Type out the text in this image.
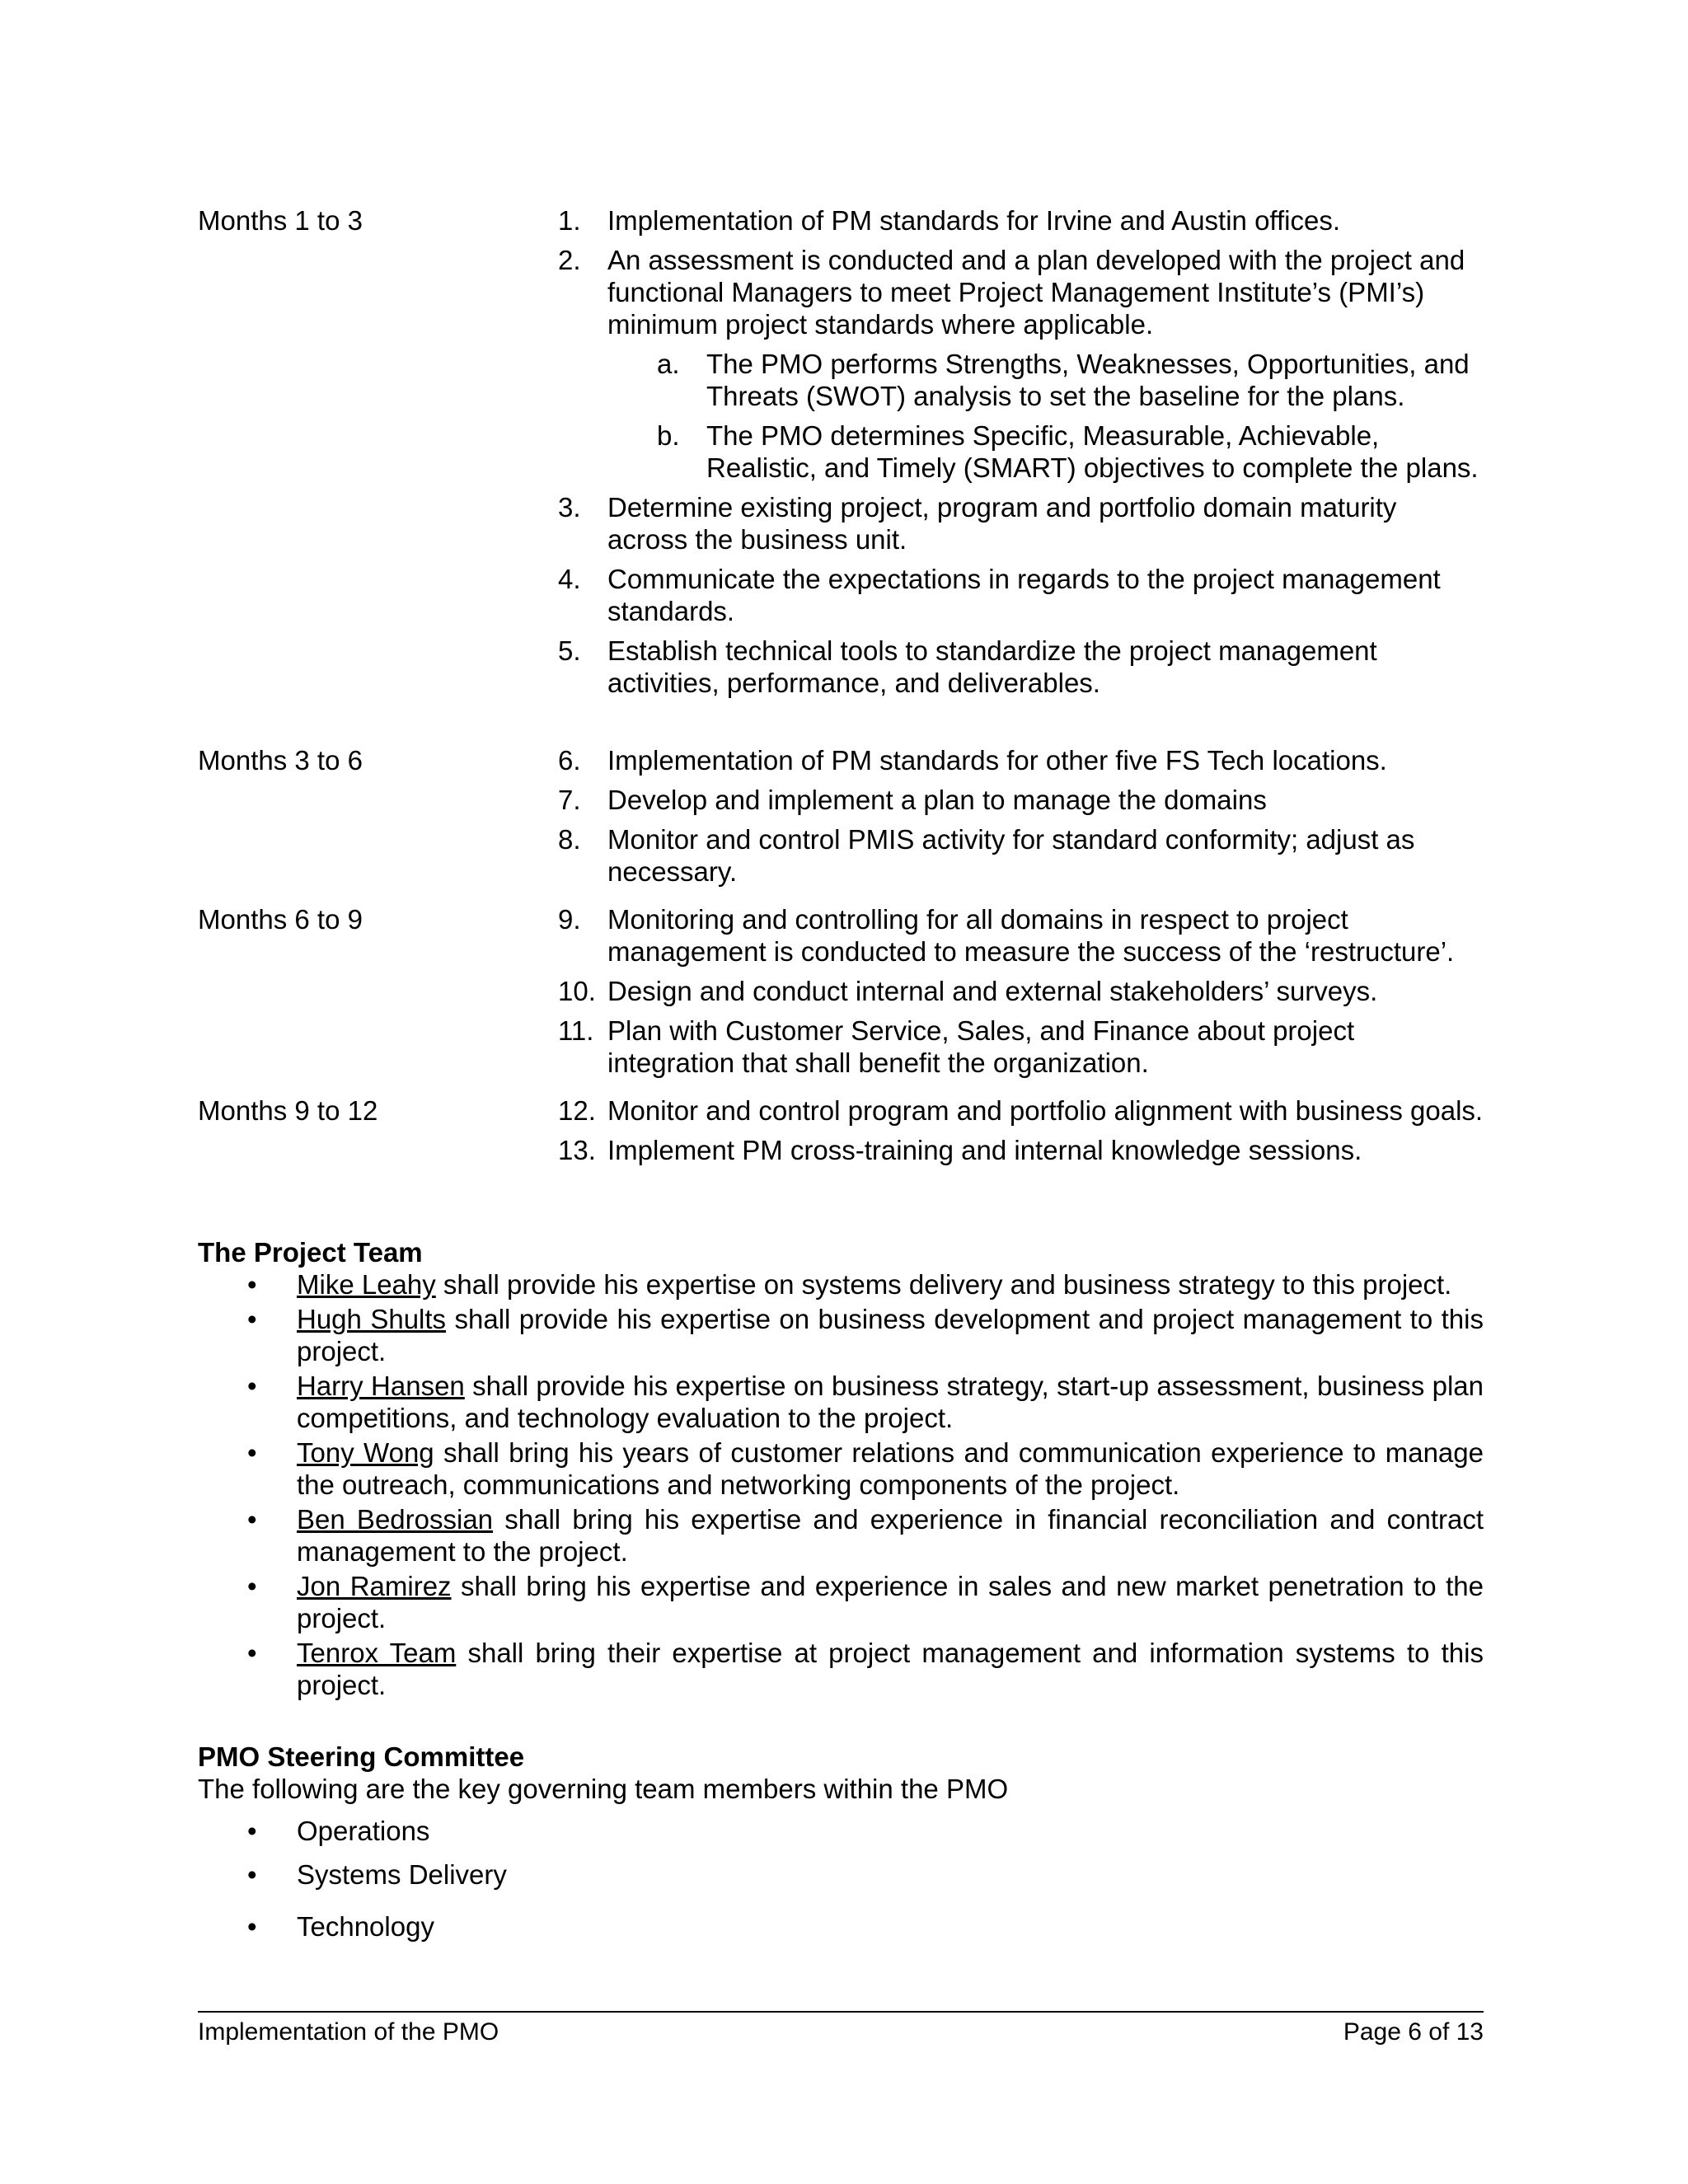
Months 1 to 3	1. Implementation of PM standards for Irvine and Austin offices.
2. An assessment is conducted and a plan developed with the project and functional Managers to meet Project Management Institute’s (PMI’s) minimum project standards where applicable.
a. The PMO performs Strengths, Weaknesses, Opportunities, and Threats (SWOT) analysis to set the baseline for the plans.
b. The PMO determines Specific, Measurable, Achievable, Realistic, and Timely (SMART) objectives to complete the plans.
3. Determine existing project, program and portfolio domain maturity across the business unit.
4. Communicate the expectations in regards to the project management standards.
5. Establish technical tools to standardize the project management activities, performance, and deliverables.
Months 3 to 6	6. Implementation of PM standards for other five FS Tech locations.
7. Develop and implement a plan to manage the domains
8. Monitor and control PMIS activity for standard conformity; adjust as necessary.
Months 6 to 9	9. Monitoring and controlling for all domains in respect to project management is conducted to measure the success of the ‘restructure’.
10. Design and conduct internal and external stakeholders’ surveys.
11. Plan with Customer Service, Sales, and Finance about project integration that shall benefit the organization.
Months 9 to 12	12. Monitor and control program and portfolio alignment with business goals.
13. Implement PM cross-training and internal knowledge sessions.

The Project Team

• Mike Leahy shall provide his expertise on systems delivery and business strategy to this project.
• Hugh Shults shall provide his expertise on business development and project management to this project.
• Harry Hansen shall provide his expertise on business strategy, start-up assessment, business plan competitions, and technology evaluation to the project.
• Tony Wong shall bring his years of customer relations and communication experience to manage the outreach, communications and networking components of the project.
• Ben Bedrossian shall bring his expertise and experience in financial reconciliation and contract management to the project.
• Jon Ramirez shall bring his expertise and experience in sales and new market penetration to the project.
• Tenrox Team shall bring their expertise at project management and information systems to this project.

PMO Steering Committee

The following are the key governing team members within the PMO

• Operations
• Systems Delivery
• Technology
Implementation of the PMO	Page 6 of 13
